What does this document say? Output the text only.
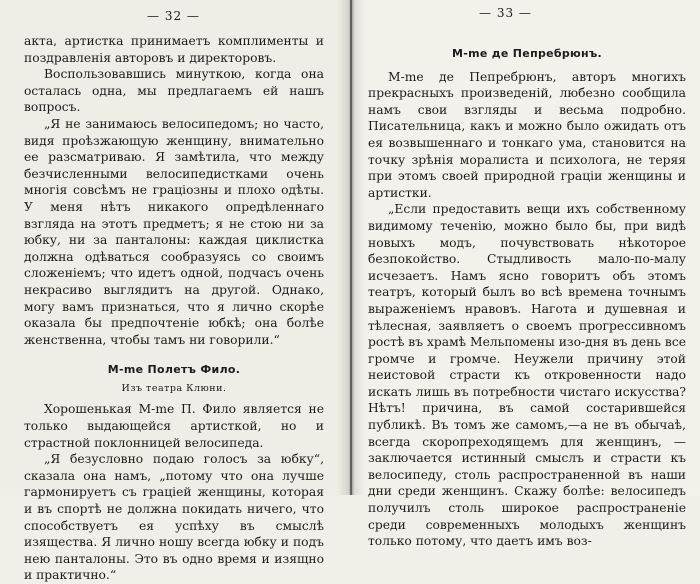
— 32 —

акта, артистка принимаетъ комплименты и поздравленія авторовъ и директоровъ.

Воспользовавшись минуткою, когда она осталась одна, мы предлагаемъ ей нашъ вопросъ.

„Я не занимаюсь велосипедомъ; но часто, видя проѣзжающую женщину, внимательно ее разсматриваю. Я замѣтила, что между безчисленными велосипедистками очень многія совсѣмъ не граціозны и плохо одѣты. У меня нѣтъ никакого опредѣленнаго взгляда на этотъ предметъ; я не стою ни за юбку, ни за панталоны: каждая циклистка должна одѣваться сообразуясь со своимъ сложеніемъ; что идетъ одной, подчасъ очень некрасиво выглядитъ на другой. Однако, могу вамъ признаться, что я лично скорѣе оказала бы предпочтеніе юбкѣ; она болѣе женственна, чтобы тамъ ни говорили.“

М-me Полетъ Фило.
Изъ театра Клюни.

Хорошенькая М-me П. Фило является не только выдающейся артисткой, но и страстной поклонницей велосипеда.

„Я безусловно подаю голосъ за юбку“, сказала она намъ, „потому что она лучше гармонируетъ съ граціей женщины, которая и въ спортѣ не должна покидать ничего, что способствуетъ ея успѣху въ смыслѣ изящества. Я лично ношу всегда юбку и подъ нею панталоны. Это въ одно время и изящно и практично.“

— 33 —
М-me де Пепребрюнъ.

М-me де Пепребрюнъ, авторъ многихъ прекрасныхъ произведеній, любезно сообщила намъ свои взгляды и весьма подробно. Писательница, какъ и можно было ожидать отъ ея возвышеннаго и тонкаго ума, становится на точку зрѣнія моралиста и психолога, не теряя при этомъ своей природной граціи женщины и артистки.

„Если предоставить вещи ихъ собственному видимому теченію, можно было бы, при видѣ новыхъ модъ, почувствовать нѣкоторое безпокойство. Стыдливость мало-по-малу исчезаетъ. Намъ ясно говоритъ объ этомъ театръ, который былъ во всѣ времена точнымъ выраженіемъ нравовъ. Нагота и душевная и тѣлесная, заявляетъ о своемъ прогрессивномъ ростѣ въ храмѣ Мельпомены изо-дня въ день все громче и громче. Неужели причину этой неистовой страсти къ откровенности надо искать лишь въ потребности чистаго искусства? Нѣтъ! причина, въ самой состарившейся публикѣ. Въ томъ же самомъ,—а не въ обычаѣ, всегда скоропреходящемъ для женщинъ, — заключается истинный смыслъ и страсти къ велосипеду, столь распространенной въ наши дни среди женщинъ. Скажу болѣе: велосипедъ получилъ столь широкое распространеніе среди современныхъ молодыхъ женщинъ только потому, что даетъ имъ воз-
